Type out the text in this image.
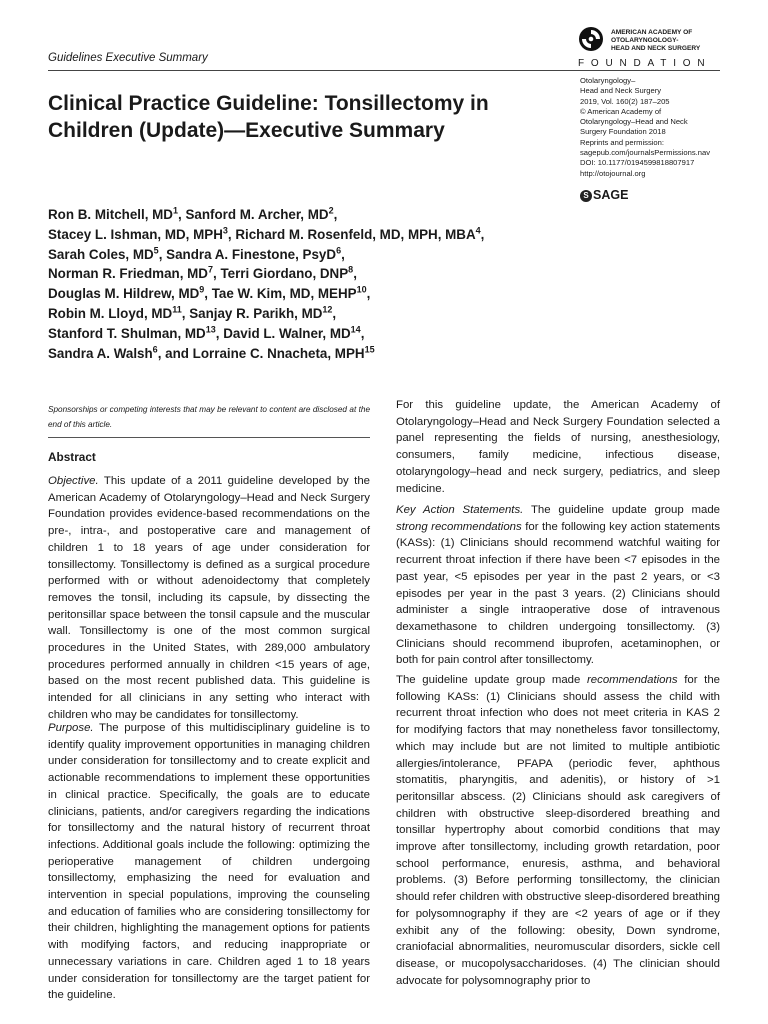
Guidelines Executive Summary
AMERICAN ACADEMY OF
OTOLARYNGOLOGY-
HEAD AND NECK SURGERY
FOUNDATION
Otolaryngology–
Head and Neck Surgery
2019, Vol. 160(2) 187–205
© American Academy of
Otolaryngology–Head and Neck
Surgery Foundation 2018
Reprints and permission:
sagepub.com/journalsPermissions.nav
DOI: 10.1177/0194599818807917
http://otojournal.org
S SAGE
Clinical Practice Guideline: Tonsillectomy in Children (Update)—Executive Summary
Ron B. Mitchell, $MD^1$, Sanford M. Archer, $MD^2$,
Stacey L. Ishman, MD, MPH$^3$, Richard M. Rosenfeld, MD, MPH, MBA$^4$,
Sarah Coles, $MD^5$, Sandra A. Finestone, PsyD$^6$,
Norman R. Friedman, $MD^7$, Terri Giordano, DNP$^8$,
Douglas M. Hildrew, $MD^9$, Tae W. Kim, MD, MEHP$^{10}$,
Robin M. Lloyd, MD$^{11}$, Sanjay R. Parikh, MD$^{12}$,
Stanford T. Shulman, MD$^{13}$, David L. Walner, MD$^{14}$,
Sandra A. Walsh$^6$, and Lorraine C. Nnacheta, MPH$^{15}$
Sponsorships or competing interests that may be relevant to content are disclosed at the end of this article.
Abstract

Objective. This update of a 2011 guideline developed by the American Academy of Otolaryngology–Head and Neck Surgery Foundation provides evidence-based recommendations on the pre-, intra-, and postoperative care and management of children 1 to 18 years of age under consideration for tonsillectomy. Tonsillectomy is defined as a surgical procedure performed with or without adenoidectomy that completely removes the tonsil, including its capsule, by dissecting the peritonsillar space between the tonsil capsule and the muscular wall. Tonsillectomy is one of the most common surgical procedures in the United States, with 289,000 ambulatory procedures performed annually in children <15 years of age, based on the most recent published data. This guideline is intended for all clinicians in any setting who interact with children who may be candidates for tonsillectomy.

Purpose. The purpose of this multidisciplinary guideline is to identify quality improvement opportunities in managing children under consideration for tonsillectomy and to create explicit and actionable recommendations to implement these opportunities in clinical practice. Specifically, the goals are to educate clinicians, patients, and/or caregivers regarding the indications for tonsillectomy and the natural history of recurrent throat infections. Additional goals include the following: optimizing the perioperative management of children undergoing tonsillectomy, emphasizing the need for evaluation and intervention in special populations, improving the counseling and education of families who are considering tonsillectomy for their children, highlighting the management options for patients with modifying factors, and reducing inappropriate or unnecessary variations in care. Children aged 1 to 18 years under consideration for tonsillectomy are the target patient for the guideline.

For this guideline update, the American Academy of Otolaryngology–Head and Neck Surgery Foundation selected a panel representing the fields of nursing, anesthesiology, consumers, family medicine, infectious disease, otolaryngology–head and neck surgery, pediatrics, and sleep medicine.

Key Action Statements. The guideline update group made strong recommendations for the following key action statements (KASs): (1) Clinicians should recommend watchful waiting for recurrent throat infection if there have been <7 episodes in the past year, <5 episodes per year in the past 2 years, or <3 episodes per year in the past 3 years. (2) Clinicians should administer a single intraoperative dose of intravenous dexamethasone to children undergoing tonsillectomy. (3) Clinicians should recommend ibuprofen, acetaminophen, or both for pain control after tonsillectomy.

The guideline update group made recommendations for the following KASs: (1) Clinicians should assess the child with recurrent throat infection who does not meet criteria in KAS 2 for modifying factors that may nonetheless favor tonsillectomy, which may include but are not limited to multiple antibiotic allergies/intolerance, PFAPA (periodic fever, aphthous stomatitis, pharyngitis, and adenitis), or history of >1 peritonsillar abscess. (2) Clinicians should ask caregivers of children with obstructive sleep-disordered breathing and tonsillar hypertrophy about comorbid conditions that may improve after tonsillectomy, including growth retardation, poor school performance, enuresis, asthma, and behavioral problems. (3) Before performing tonsillectomy, the clinician should refer children with obstructive sleep-disordered breathing for polysomnography if they are <2 years of age or if they exhibit any of the following: obesity, Down syndrome, craniofacial abnormalities, neuromuscular disorders, sickle cell disease, or mucopolysaccharidoses. (4) The clinician should advocate for polysomnography prior to
